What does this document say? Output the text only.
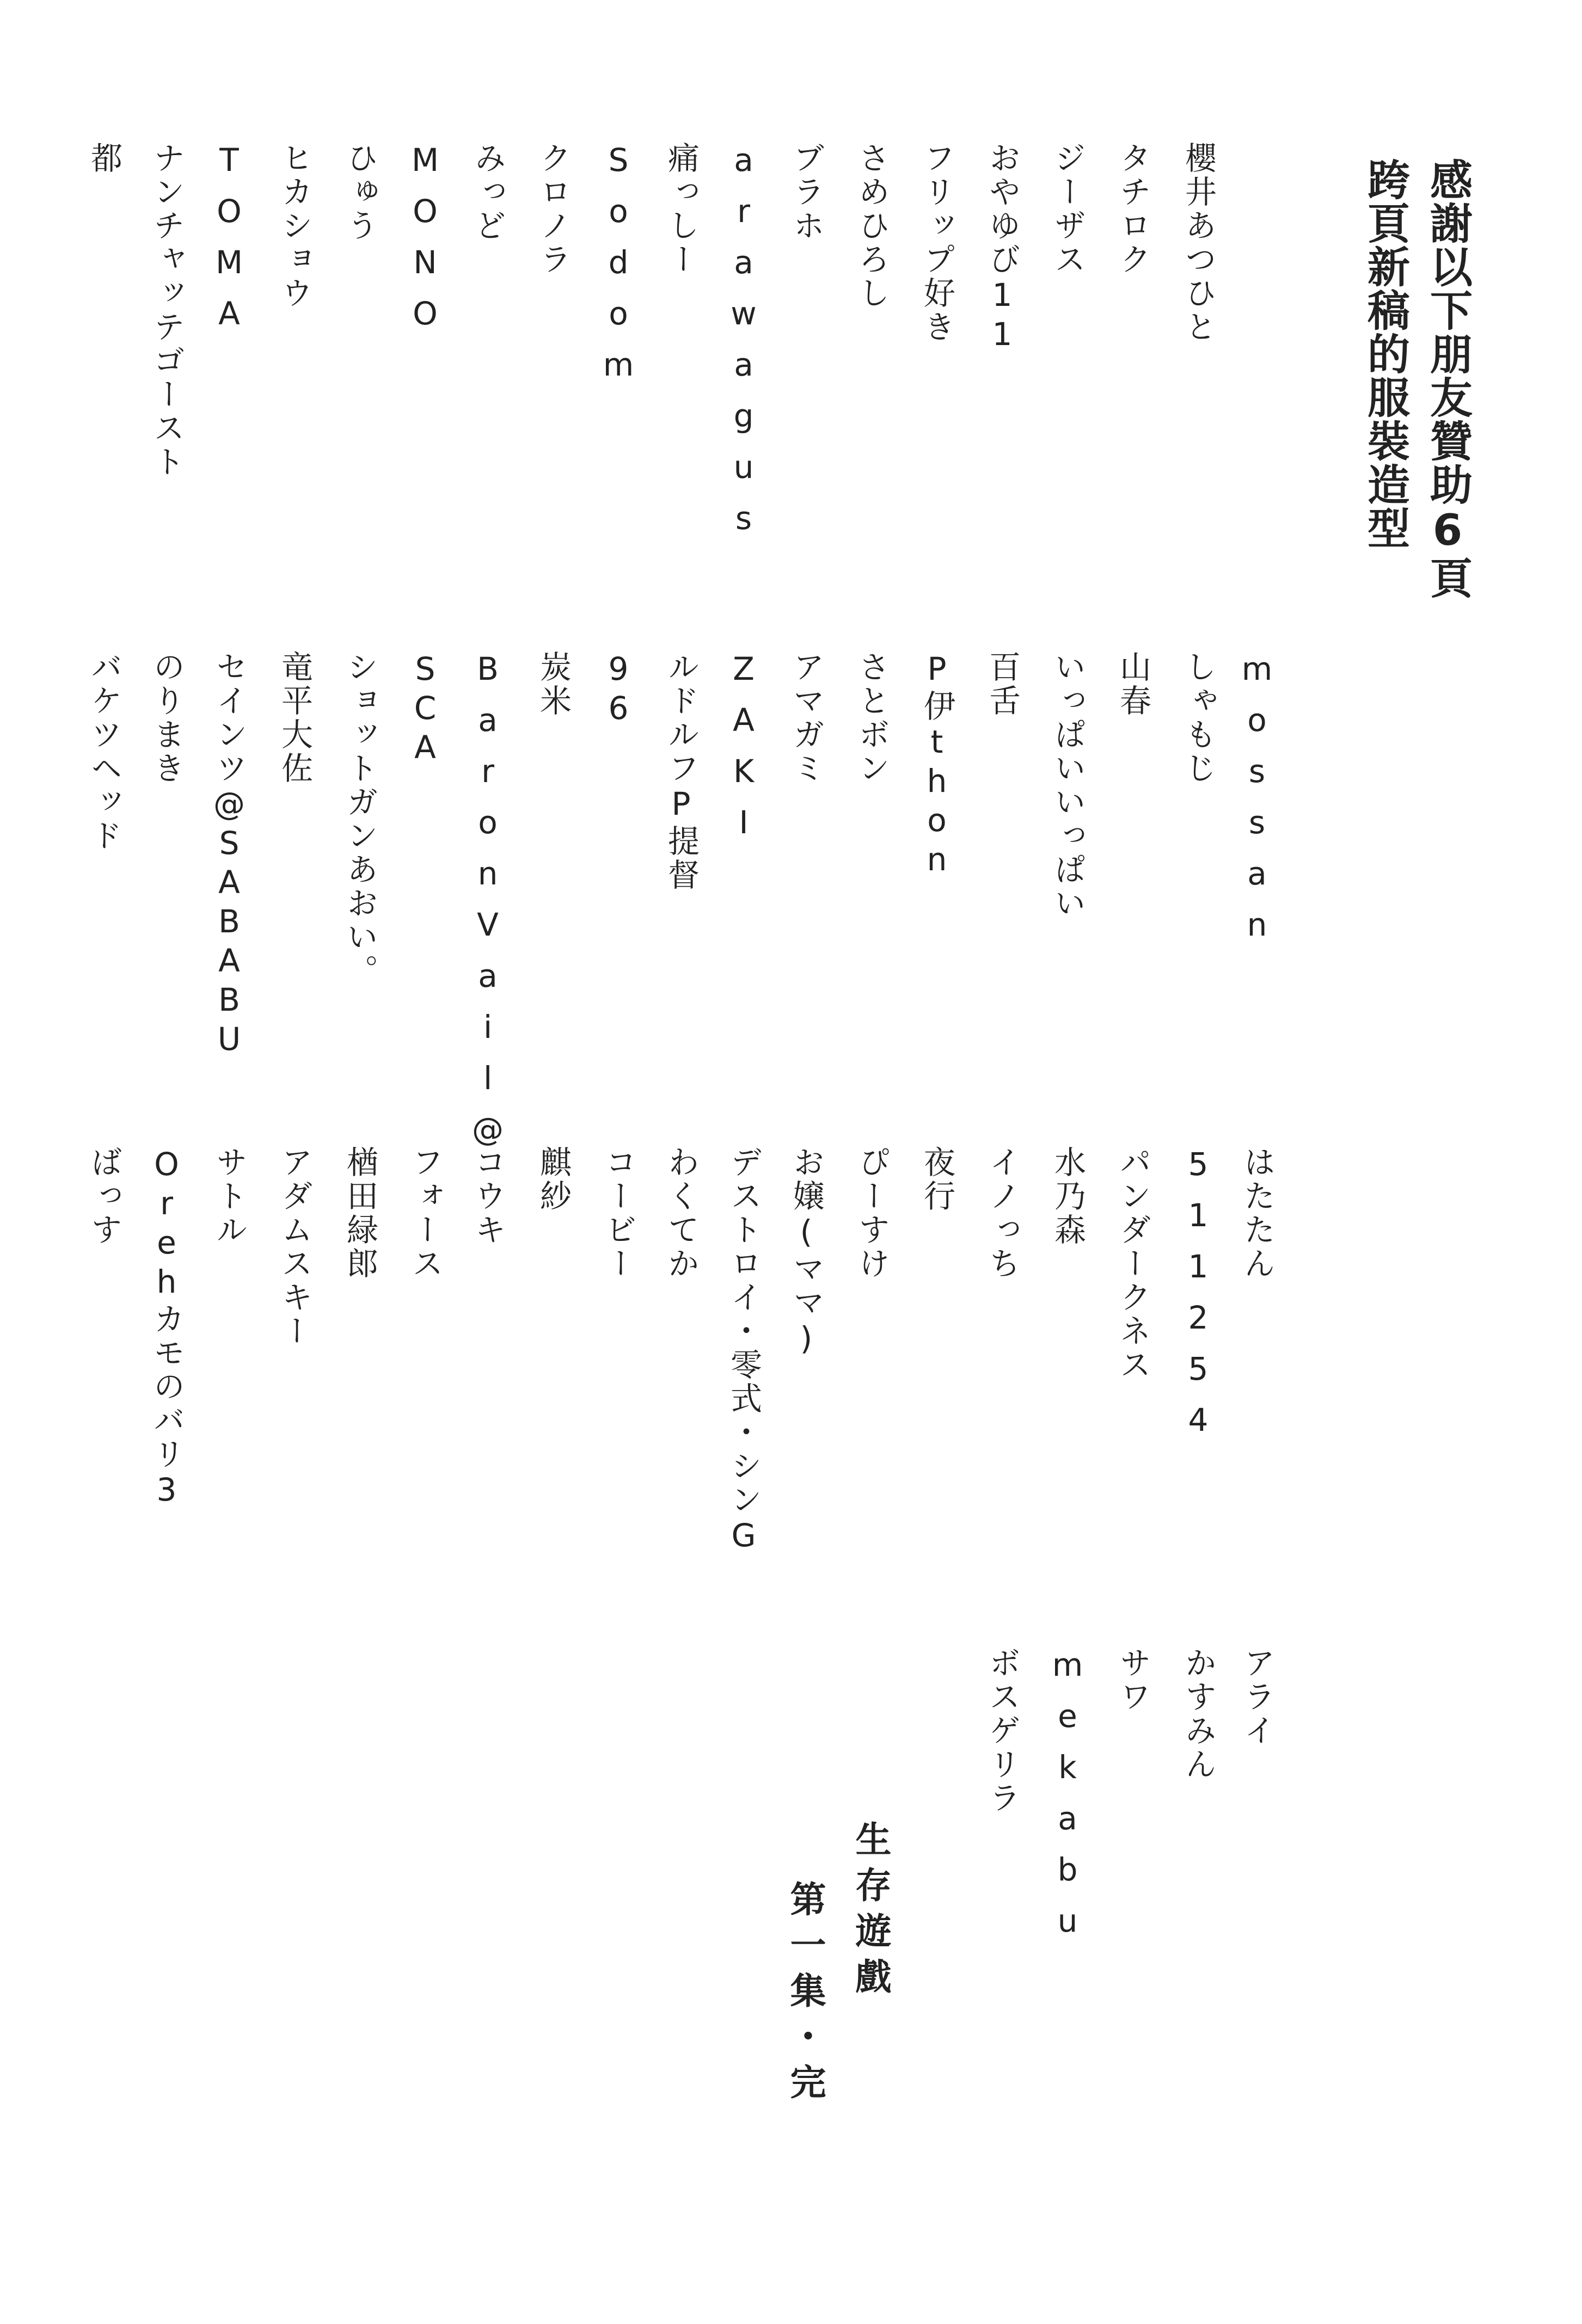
感謝以下朋友贊助6頁
跨頁新稿的服裝造型
櫻井あつひと
タチロク
ジーザス
おやゆび11
フリップ好き
さめひろし
ブラホ
arawagus
痛っしー
Sodom
クロノラ
みっど
MONO
ひゅう
ヒカショウ
TOMA
ナンチャッテゴースト
都
mossan
しゃもじ
山春
いっぱいいっぱい
百舌
P伊thon
さとボン
アマガミ
ZAKI
ルドルフP提督
96
炭米
BaronVail@
SCA
ショットガンあおい。
竜平大佐
セインツ@SABABU
のりまき
バケツヘッド
はたたん
511254
パンダークネス
水乃森
イノっち
夜行
ぴーすけ
お嬢(ママ)
デストロイ・零式・シンG
わくてか
コービー
麒紗
コウキ
フォース
楢田緑郎
アダムスキー
サトル
Orehカモのバリ3
ばっす
アライ
かすみん
サワ
mekabu
ボスゲリラ
生存遊戲
第一集・完
